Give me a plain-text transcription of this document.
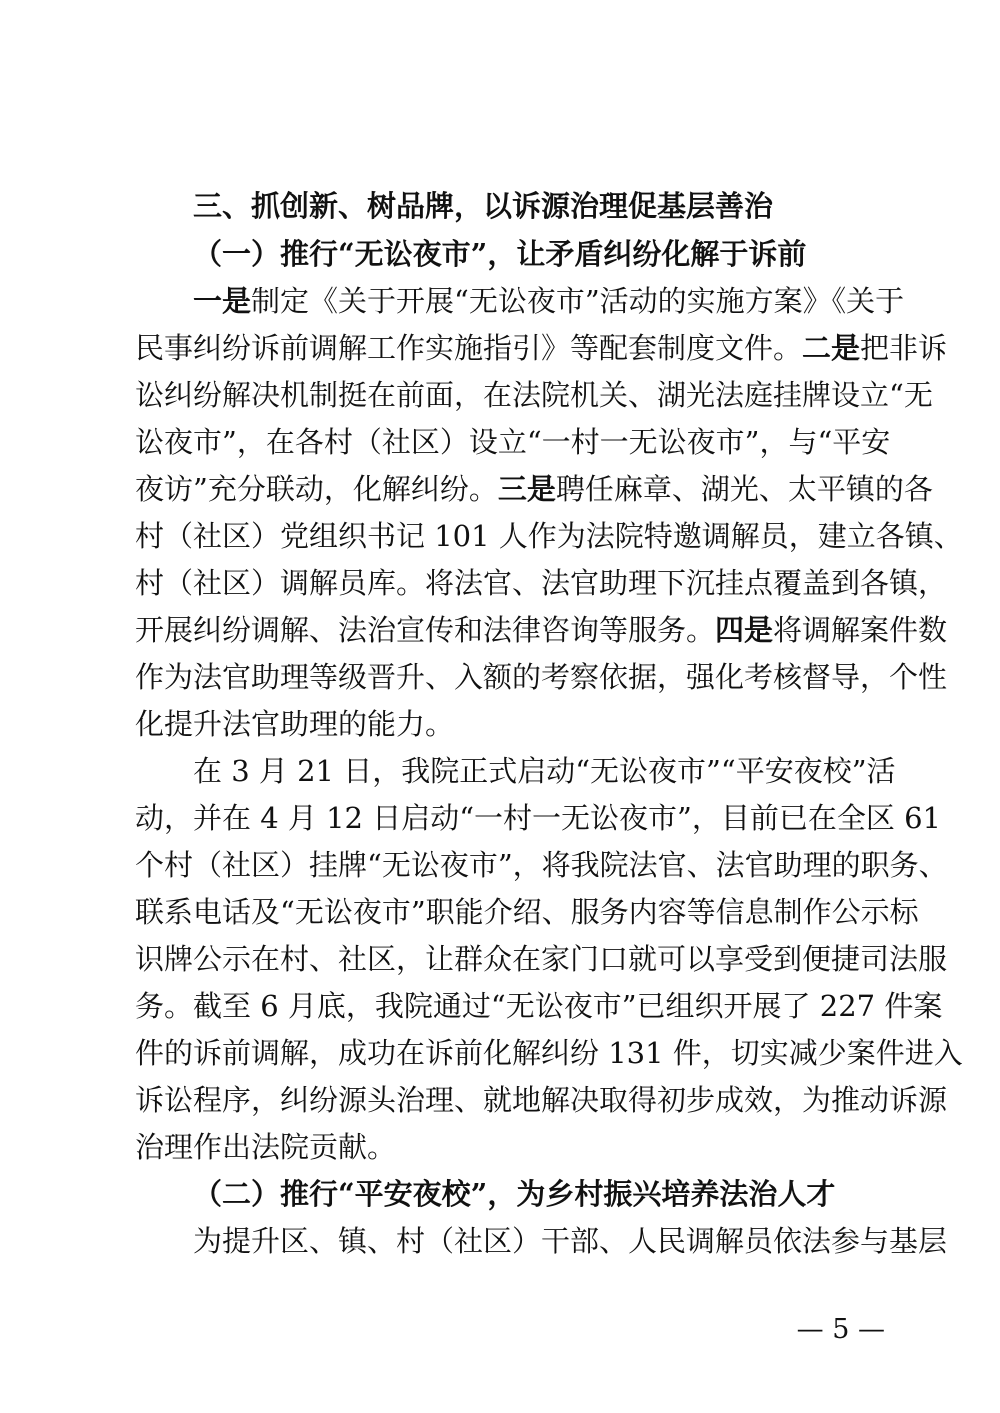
三、抓创新、树品牌，以诉源治理促基层善治
（一）推行“无讼夜市”，让矛盾纠纷化解于诉前
一是制定《关于开展“无讼夜市”活动的实施方案》《关于
民事纠纷诉前调解工作实施指引》等配套制度文件。二是把非诉
讼纠纷解决机制挺在前面，在法院机关、湖光法庭挂牌设立“无
讼夜市”，在各村（社区）设立“一村一无讼夜市”，与“平安
夜访”充分联动，化解纠纷。三是聘任麻章、湖光、太平镇的各
村（社区）党组织书记 101 人作为法院特邀调解员，建立各镇、
村（社区）调解员库。将法官、法官助理下沉挂点覆盖到各镇，
开展纠纷调解、法治宣传和法律咨询等服务。四是将调解案件数
作为法官助理等级晋升、入额的考察依据，强化考核督导，个性
化提升法官助理的能力。
在 3 月 21 日，我院正式启动“无讼夜市”“平安夜校”活
动，并在 4 月 12 日启动“一村一无讼夜市”，目前已在全区 61
个村（社区）挂牌“无讼夜市”，将我院法官、法官助理的职务、
联系电话及“无讼夜市”职能介绍、服务内容等信息制作公示标
识牌公示在村、社区，让群众在家门口就可以享受到便捷司法服
务。截至 6 月底，我院通过“无讼夜市”已组织开展了 227 件案
件的诉前调解，成功在诉前化解纠纷 131 件，切实减少案件进入
诉讼程序，纠纷源头治理、就地解决取得初步成效，为推动诉源
治理作出法院贡献。
（二）推行“平安夜校”，为乡村振兴培养法治人才
为提升区、镇、村（社区）干部、人民调解员依法参与基层
— 5 —
